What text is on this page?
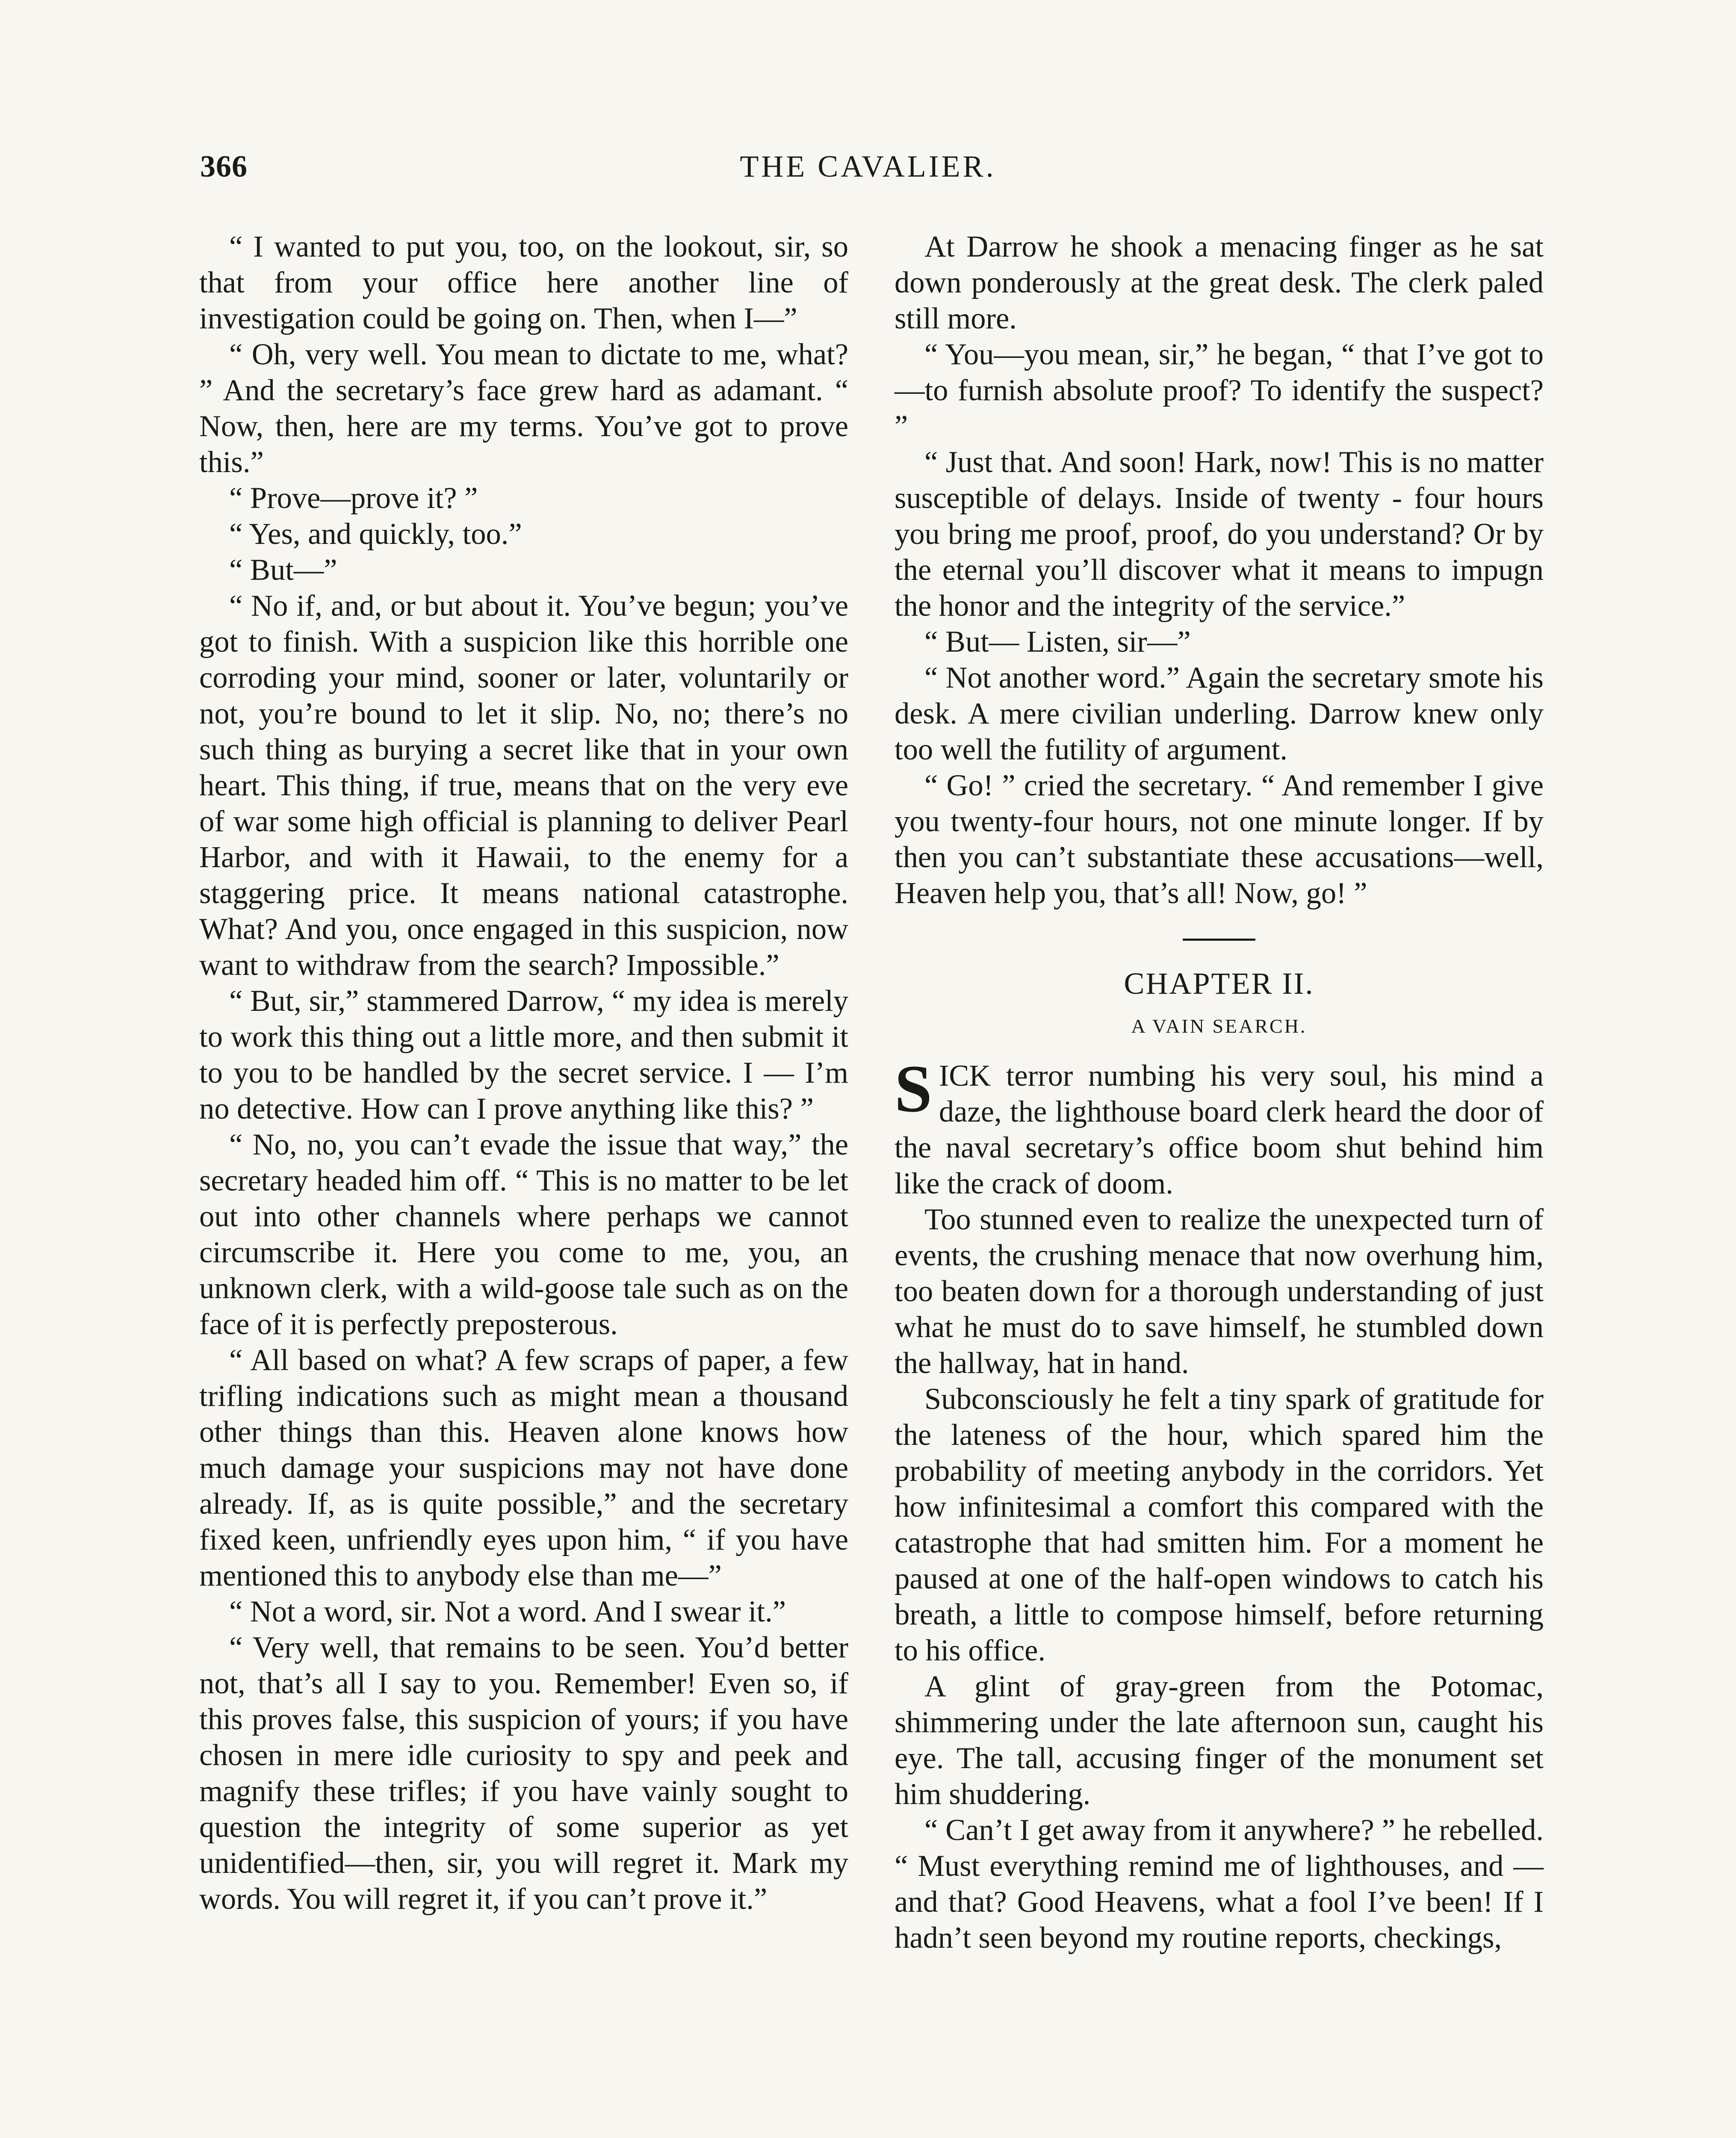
366	THE CAVALIER.

“ I wanted to put you, too, on the lookout, sir, so that from your office here another line of investigation could be going on. Then, when I—”

“ Oh, very well. You mean to dictate to me, what? ” And the secretary’s face grew hard as adamant. “ Now, then, here are my terms. You’ve got to prove this.”

“ Prove—prove it? ”

“ Yes, and quickly, too.”

“ But—”

“ No if, and, or but about it. You’ve begun; you’ve got to finish. With a suspicion like this horrible one corroding your mind, sooner or later, voluntarily or not, you’re bound to let it slip. No, no; there’s no such thing as burying a secret like that in your own heart. This thing, if true, means that on the very eve of war some high official is planning to deliver Pearl Harbor, and with it Hawaii, to the enemy for a staggering price. It means national catastrophe. What? And you, once engaged in this suspicion, now want to withdraw from the search? Impossible.”

“ But, sir,” stammered Darrow, “ my idea is merely to work this thing out a little more, and then submit it to you to be handled by the secret service. I — I’m no detective. How can I prove anything like this? ”

“ No, no, you can’t evade the issue that way,” the secretary headed him off. “ This is no matter to be let out into other channels where perhaps we cannot circumscribe it. Here you come to me, you, an unknown clerk, with a wild-goose tale such as on the face of it is perfectly preposterous.

“ All based on what? A few scraps of paper, a few trifling indications such as might mean a thousand other things than this. Heaven alone knows how much damage your suspicions may not have done already. If, as is quite possible,” and the secretary fixed keen, unfriendly eyes upon him, “ if you have mentioned this to anybody else than me—”

“ Not a word, sir. Not a word. And I swear it.”

“ Very well, that remains to be seen. You’d better not, that’s all I say to you. Remember! Even so, if this proves false, this suspicion of yours; if you have chosen in mere idle curiosity to spy and peek and magnify these trifles; if you have vainly sought to question the integrity of some superior as yet unidentified—then, sir, you will regret it. Mark my words. You will regret it, if you can’t prove it.”

At Darrow he shook a menacing finger as he sat down ponderously at the great desk. The clerk paled still more.

“ You—you mean, sir,” he began, “ that I’ve got to—to furnish absolute proof? To identify the suspect? ”

“ Just that. And soon! Hark, now! This is no matter susceptible of delays. Inside of twenty - four hours you bring me proof, proof, do you understand? Or by the eternal you’ll discover what it means to impugn the honor and the integrity of the service.”

“ But— Listen, sir—”

“ Not another word.” Again the secretary smote his desk. A mere civilian underling. Darrow knew only too well the futility of argument.

“ Go! ” cried the secretary. “ And remember I give you twenty-four hours, not one minute longer. If by then you can’t substantiate these accusations—well, Heaven help you, that’s all! Now, go! ”

CHAPTER II.
A VAIN SEARCH.

SICK terror numbing his very soul, his mind a daze, the lighthouse board clerk heard the door of the naval secretary’s office boom shut behind him like the crack of doom.

Too stunned even to realize the unexpected turn of events, the crushing menace that now overhung him, too beaten down for a thorough understanding of just what he must do to save himself, he stumbled down the hallway, hat in hand.

Subconsciously he felt a tiny spark of gratitude for the lateness of the hour, which spared him the probability of meeting anybody in the corridors. Yet how infinitesimal a comfort this compared with the catastrophe that had smitten him. For a moment he paused at one of the half-open windows to catch his breath, a little to compose himself, before returning to his office.

A glint of gray-green from the Potomac, shimmering under the late afternoon sun, caught his eye. The tall, accusing finger of the monument set him shuddering.

“ Can’t I get away from it anywhere? ” he rebelled. “ Must everything remind me of lighthouses, and — and that? Good Heavens, what a fool I’ve been! If I hadn’t seen beyond my routine reports, checkings,
